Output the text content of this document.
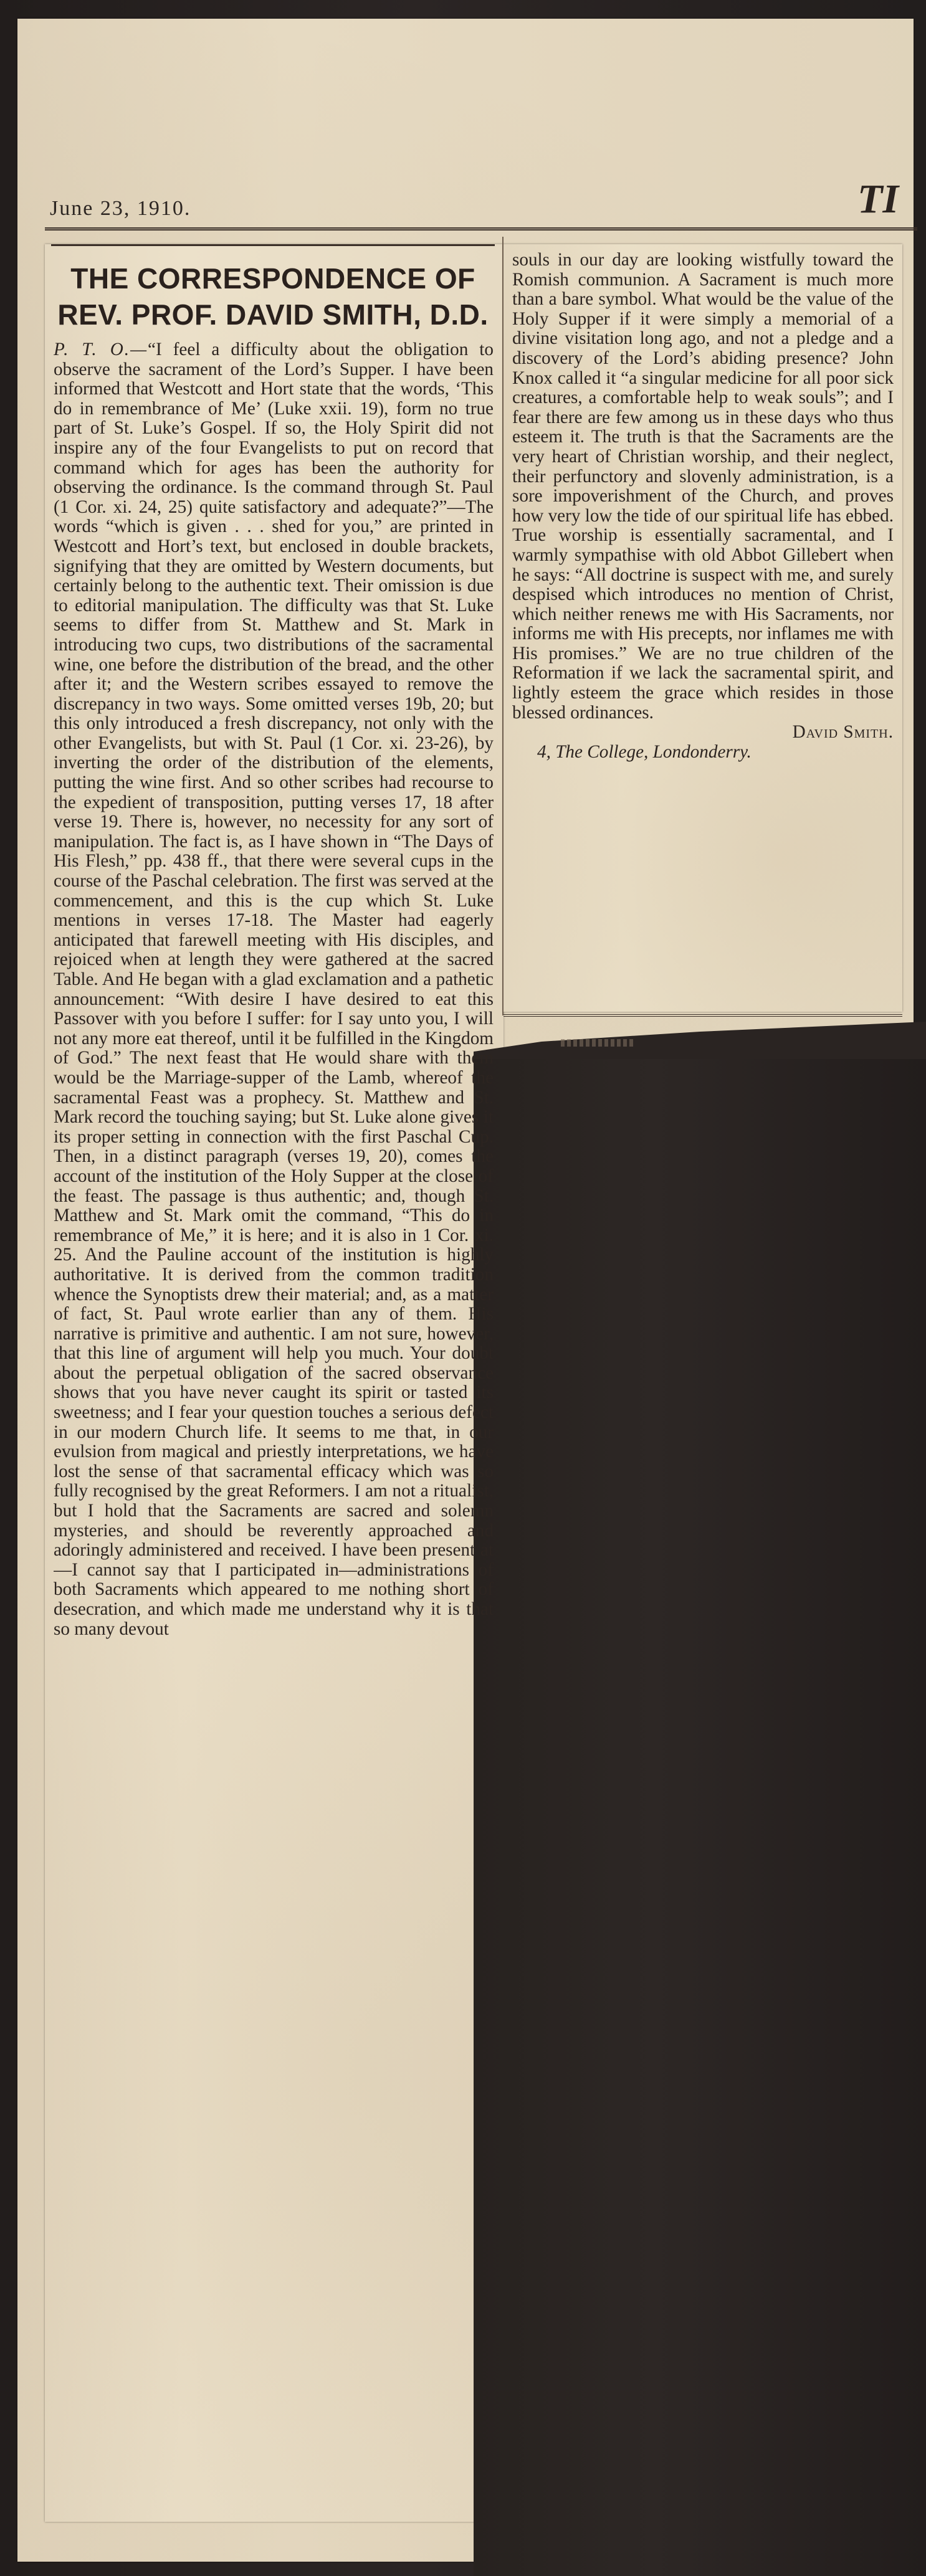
June 23, 1910.	TI
THE CORRESPONDENCE OF
REV. PROF. DAVID SMITH, D.D.

P. T. O.—“I feel a difficulty about the obligation to observe the sacrament of the Lord’s Supper. I have been informed that Westcott and Hort state that the words, ‘This do in remembrance of Me’ (Luke xxii. 19), form no true part of St. Luke’s Gospel. If so, the Holy Spirit did not inspire any of the four Evangelists to put on record that command which for ages has been the authority for observing the ordinance. Is the command through St. Paul (1 Cor. xi. 24, 25) quite satisfactory and adequate?”—The words “which is given . . . shed for you,” are printed in Westcott and Hort’s text, but enclosed in double brackets, signifying that they are omitted by Western documents, but certainly belong to the authentic text. Their omission is due to editorial manipulation. The difficulty was that St. Luke seems to differ from St. Matthew and St. Mark in introducing two cups, two distributions of the sacramental wine, one before the distribution of the bread, and the other after it; and the Western scribes essayed to remove the discrepancy in two ways. Some omitted verses 19b, 20; but this only introduced a fresh discrepancy, not only with the other Evangelists, but with St. Paul (1 Cor. xi. 23-26), by inverting the order of the distribution of the elements, putting the wine first. And so other scribes had recourse to the expedient of transposition, putting verses 17, 18 after verse 19. There is, however, no necessity for any sort of manipulation. The fact is, as I have shown in “The Days of His Flesh,” pp. 438 ff., that there were several cups in the course of the Paschal celebration. The first was served at the commencement, and this is the cup which St. Luke mentions in verses 17-18. The Master had eagerly anticipated that farewell meeting with His disciples, and rejoiced when at length they were gathered at the sacred Table. And He began with a glad exclamation and a pathetic announcement: “With desire I have desired to eat this Passover with you before I suffer: for I say unto you, I will not any more eat thereof, until it be fulfilled in the Kingdom of God.” The next feast that He would share with them would be the Marriage-supper of the Lamb, whereof the sacramental Feast was a prophecy. St. Matthew and St. Mark record the touching saying; but St. Luke alone gives it its proper setting in connection with the first Paschal Cup. Then, in a distinct paragraph (verses 19, 20), comes the account of the institution of the Holy Supper at the close of the feast. The passage is thus authentic; and, though St. Matthew and St. Mark omit the command, “This do in remembrance of Me,” it is here; and it is also in 1 Cor. xi. 25. And the Pauline account of the institution is highly authoritative. It is derived from the common tradition whence the Synoptists drew their material; and, as a matter of fact, St. Paul wrote earlier than any of them. His narrative is primitive and authentic. I am not sure, however, that this line of argument will help you much. Your doubt about the perpetual obligation of the sacred observance shows that you have never caught its spirit or tasted its sweetness; and I fear your question touches a serious defect in our modern Church life. It seems to me that, in our evulsion from magical and priestly interpretations, we have lost the sense of that sacramental efficacy which was so fully recognised by the great Reformers. I am not a ritualist, but I hold that the Sacraments are sacred and solemn mysteries, and should be reverently approached and adoringly administered and received. I have been present at—I cannot say that I participated in—administrations of both Sacraments which appeared to me nothing short of desecration, and which made me understand why it is that so many devout

souls in our day are looking wistfully toward the Romish communion. A Sacrament is much more than a bare symbol. What would be the value of the Holy Supper if it were simply a memorial of a divine visitation long ago, and not a pledge and a discovery of the Lord’s abiding presence? John Knox called it “a singular medicine for all poor sick creatures, a comfortable help to weak souls”; and I fear there are few among us in these days who thus esteem it. The truth is that the Sacraments are the very heart of Christian worship, and their neglect, their perfunctory and slovenly administration, is a sore impoverishment of the Church, and proves how very low the tide of our spiritual life has ebbed. True worship is essentially sacramental, and I warmly sympathise with old Abbot Gillebert when he says: “All doctrine is suspect with me, and surely despised which introduces no mention of Christ, which neither renews me with His Sacraments, nor informs me with His precepts, nor inflames me with His promises.” We are no true children of the Reformation if we lack the sacramental spirit, and lightly esteem the grace which resides in those blessed ordinances.

David Smith.
4, The College, Londonderry.
